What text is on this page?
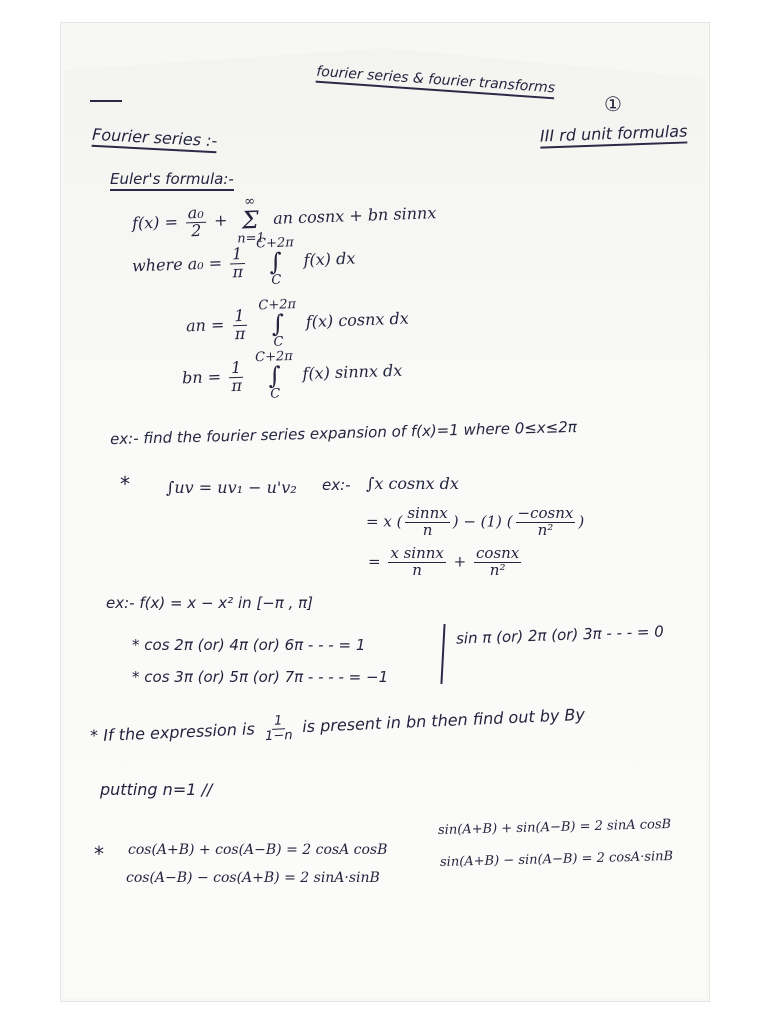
fourier series & fourier transforms
①
Fourier series :-	III rd unit formulas
Euler's formula:-
$f(x) = \frac{\text{a₀}}{2}$ +
∞
Σ
n=1
an cosnx + bn sinnx
where $a_0 = \frac{1}{\pi}$

C+2π
∫
C
f(x) dx
an = $\frac{1}{\pi}$

C+2π
∫
C
f(x) cosnx dx
bn = $\frac{1}{\pi}$

C+2π
∫
C
f(x) sinnx dx
ex:- find the fourier series expansion of f(x)=1 where 0≤x≤2π
* ∫uv = uv₁ − u'v₂ ex:- ∫x cosnx dx
= x ( $\frac{\text{sinnx}}{n}$ ) − (1) ( $\frac{\text{−cosnx}}{\text{n²}}$ )
= $\frac{\text{x sinnx}}{n} + \frac{\text{cosnx}}{\text{n²}}$
ex:- f(x) = x − x² in [−π , π]
* cos 2π (or) 4π (or) 6π - - - = 1
* cos 3π (or) 5π (or) 7π - - - - = −1
sin π (or) 2π (or) 3π - - - = 0
* If the expression is $\frac{1}{1-n}$ is present in bn then find out by By
putting n=1 //
* cos(A+B) + cos(A−B) = 2 cosA cosB
cos(A−B) − cos(A+B) = 2 sinA·sinB
sin(A+B) + sin(A−B) = 2 sinA cosB
sin(A+B) − sin(A−B) = 2 cosA·sinB
